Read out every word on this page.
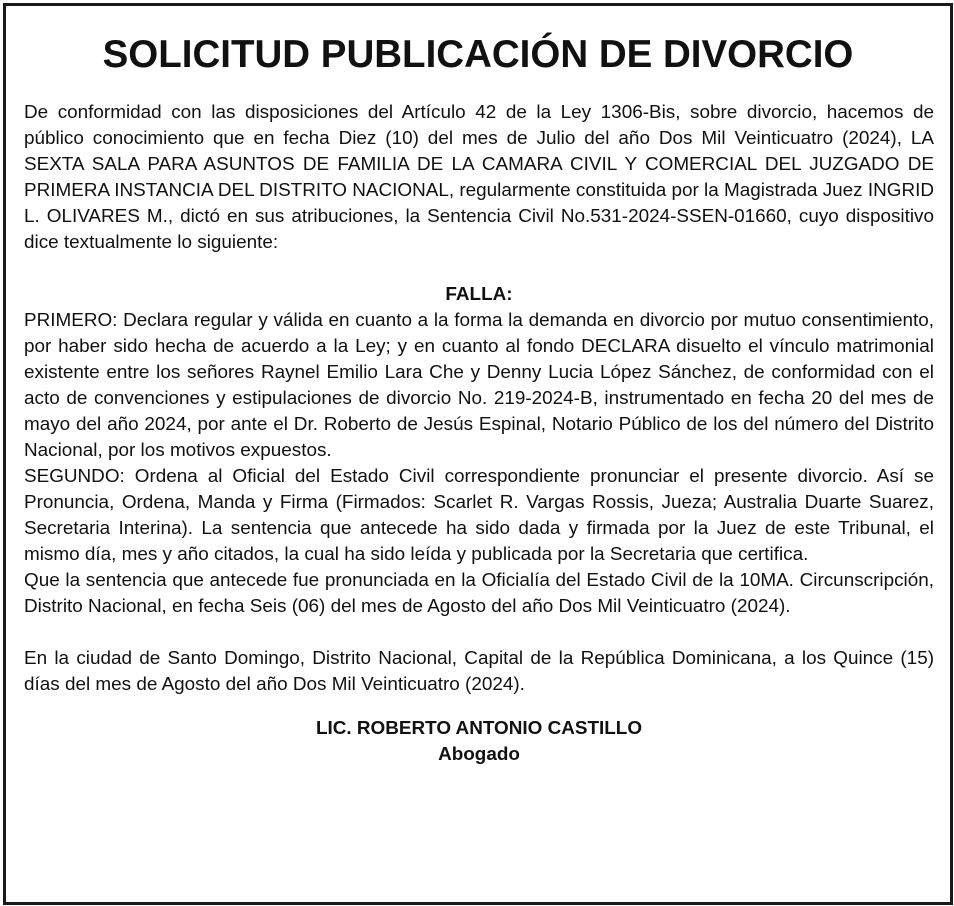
SOLICITUD PUBLICACIÓN DE DIVORCIO

De conformidad con las disposiciones del Artículo 42 de la Ley 1306-Bis, sobre divorcio, hacemos de público conocimiento que en fecha Diez (10) del mes de Julio del año Dos Mil Veinticuatro (2024), LA SEXTA SALA PARA ASUNTOS DE FAMILIA DE LA CAMARA CIVIL Y COMERCIAL DEL JUZGADO DE PRIMERA INSTANCIA DEL DISTRITO NACIONAL, regularmente constituida por la Magistrada Juez INGRID L. OLIVARES M., dictó en sus atribuciones, la Sentencia Civil No.531-2024-SSEN-01660, cuyo dispositivo dice textualmente lo siguiente:

FALLA:

PRIMERO: Declara regular y válida en cuanto a la forma la demanda en divorcio por mutuo consentimiento, por haber sido hecha de acuerdo a la Ley; y en cuanto al fondo DECLARA disuelto el vínculo matrimonial existente entre los señores Raynel Emilio Lara Che y Denny Lucia López Sánchez, de conformidad con el acto de convenciones y estipulaciones de divorcio No. 219-2024-B, instrumentado en fecha 20 del mes de mayo del año 2024, por ante el Dr. Roberto de Jesús Espinal, Notario Público de los del número del Distrito Nacional, por los motivos expuestos.

SEGUNDO: Ordena al Oficial del Estado Civil correspondiente pronunciar el presente divorcio. Así se Pronuncia, Ordena, Manda y Firma (Firmados: Scarlet R. Vargas Rossis, Jueza; Australia Duarte Suarez, Secretaria Interina). La sentencia que antecede ha sido dada y firmada por la Juez de este Tribunal, el mismo día, mes y año citados, la cual ha sido leída y publicada por la Secretaria que certifica.

Que la sentencia que antecede fue pronunciada en la Oficialía del Estado Civil de la 10MA. Circunscripción, Distrito Nacional, en fecha Seis (06) del mes de Agosto del año Dos Mil Veinticuatro (2024).

En la ciudad de Santo Domingo, Distrito Nacional, Capital de la República Dominicana, a los Quince (15) días del mes de Agosto del año Dos Mil Veinticuatro (2024).

LIC. ROBERTO ANTONIO CASTILLO

Abogado
